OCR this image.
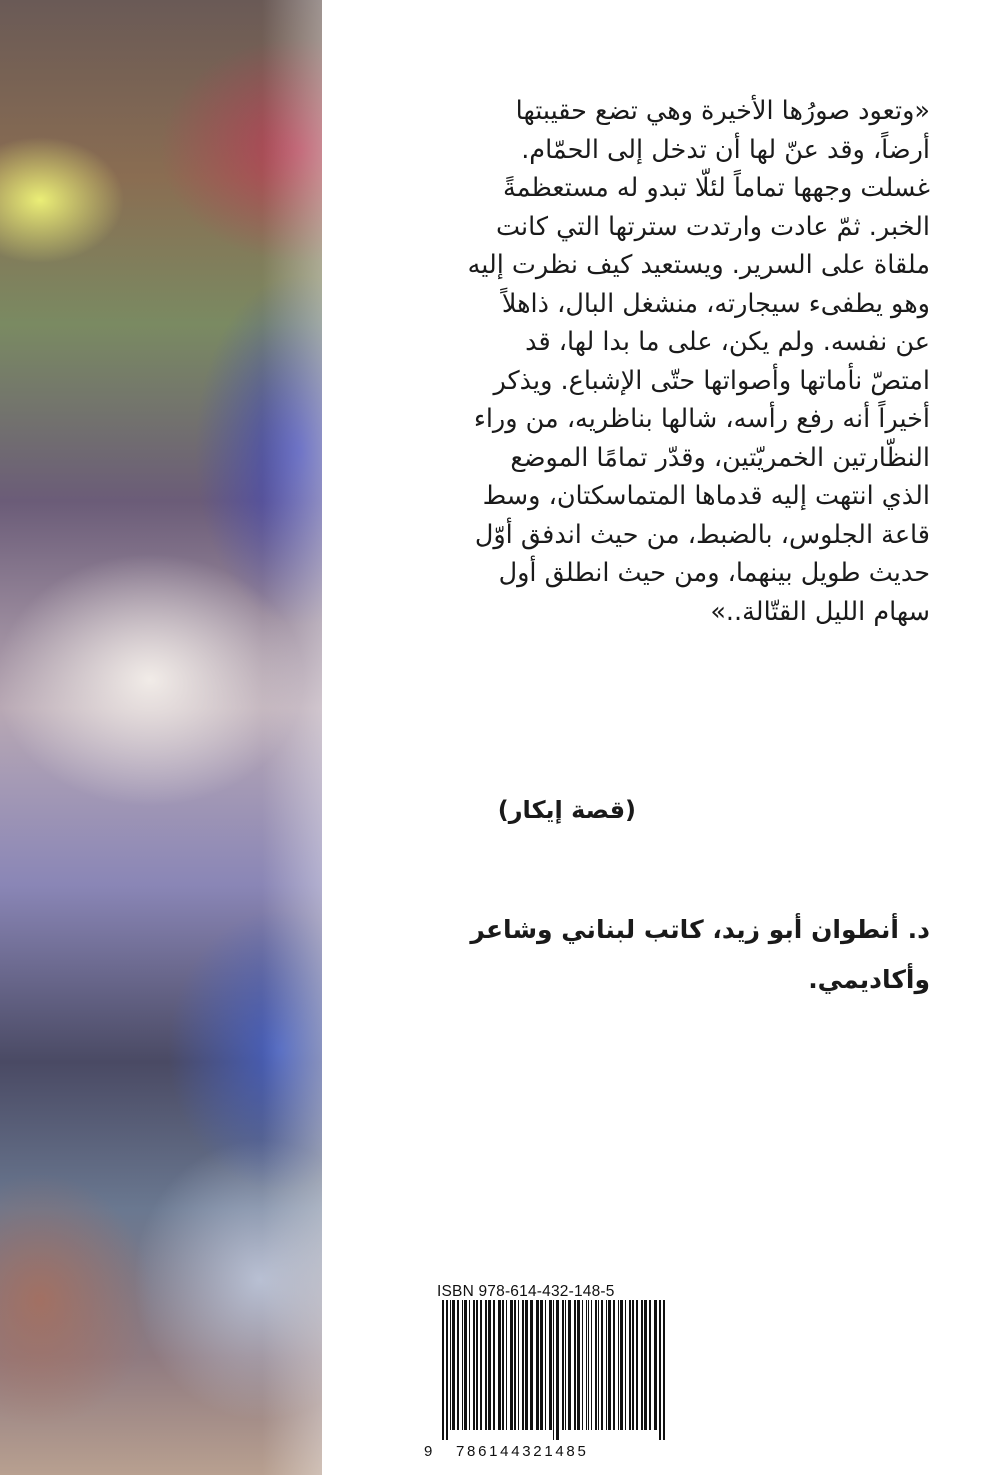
«وتعود صورُها الأخيرة وهي تضع حقيبتها
أرضاً، وقد عنّ لها أن تدخل إلى الحمّام.
غسلت وجهها تماماً لئلّا تبدو له مستعظمةً
الخبر. ثمّ عادت وارتدت سترتها التي كانت
ملقاة على السرير. ويستعيد كيف نظرت إليه
وهو يطفىء سيجارته، منشغل البال، ذاهلاً
عن نفسه. ولم يكن، على ما بدا لها، قد
امتصّ نأماتها وأصواتها حتّى الإشباع. ويذكر
أخيراً أنه رفع رأسه، شالها بناظريه، من وراء
النظّارتين الخمريّتين، وقدّر تمامًا الموضع
الذي انتهت إليه قدماها المتماسكتان، وسط
قاعة الجلوس، بالضبط، من حيث اندفق أوّل
حديث طويل بينهما، ومن حيث انطلق أول
سهام الليل القتّالة..»
(قصة إيكار)
د. أنطوان أبو زيد، كاتب لبناني وشاعر
وأكاديمي.
ISBN 978-614-432-148-5
9 786144321485
